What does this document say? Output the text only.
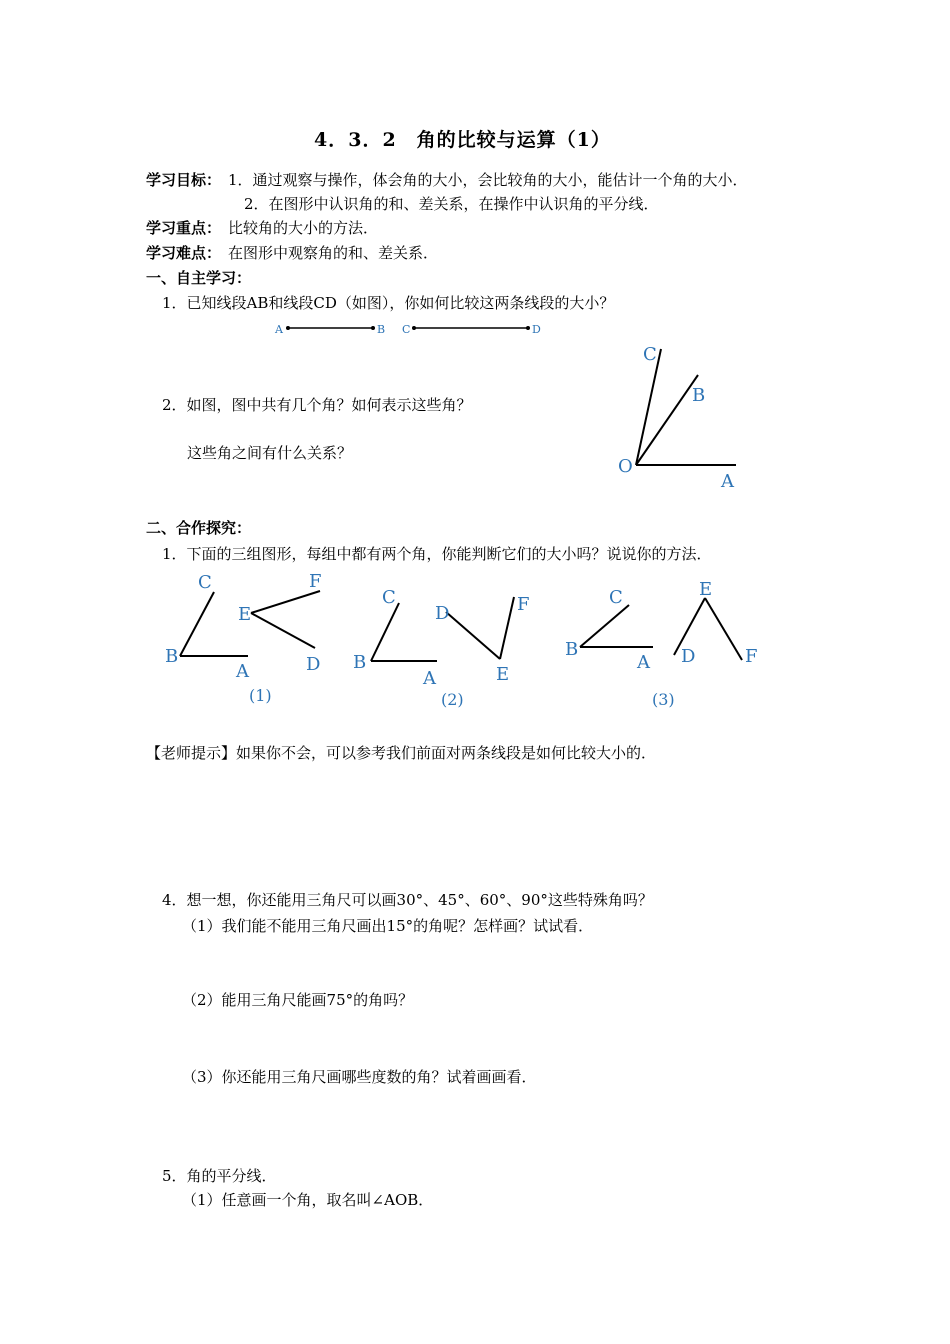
4．3．2　角的比较与运算（1）
学习目标： 1．通过观察与操作，体会角的大小，会比较角的大小，能估计一个角的大小．
2．在图形中认识角的和、差关系，在操作中认识角的平分线．
学习重点： 比较角的大小的方法．
学习难点： 在图形中观察角的和、差关系．
一、自主学习：
1．已知线段AB和线段CD（如图），你如何比较这两条线段的大小？
2．如图，图中共有几个角？如何表示这些角？
这些角之间有什么关系？
二、合作探究：
1．下面的三组图形，每组中都有两个角，你能判断它们的大小吗？说说你的方法．
【老师提示】如果你不会，可以参考我们前面对两条线段是如何比较大小的．
4．想一想，你还能用三角尺可以画30°、45°、60°、90°这些特殊角吗？
（1）我们能不能用三角尺画出15°的角呢？怎样画？试试看．
（2）能用三角尺能画75°的角吗？
（3）你还能用三角尺画哪些度数的角？试着画画看．
5．角的平分线．
（1）任意画一个角，取名叫∠AOB．
A	B C	D
O
A
B
C
B
A
C
E
F
D
(1)
B
A
C
D	F
E
(2)
B
A
C	E
D	F
(3)
